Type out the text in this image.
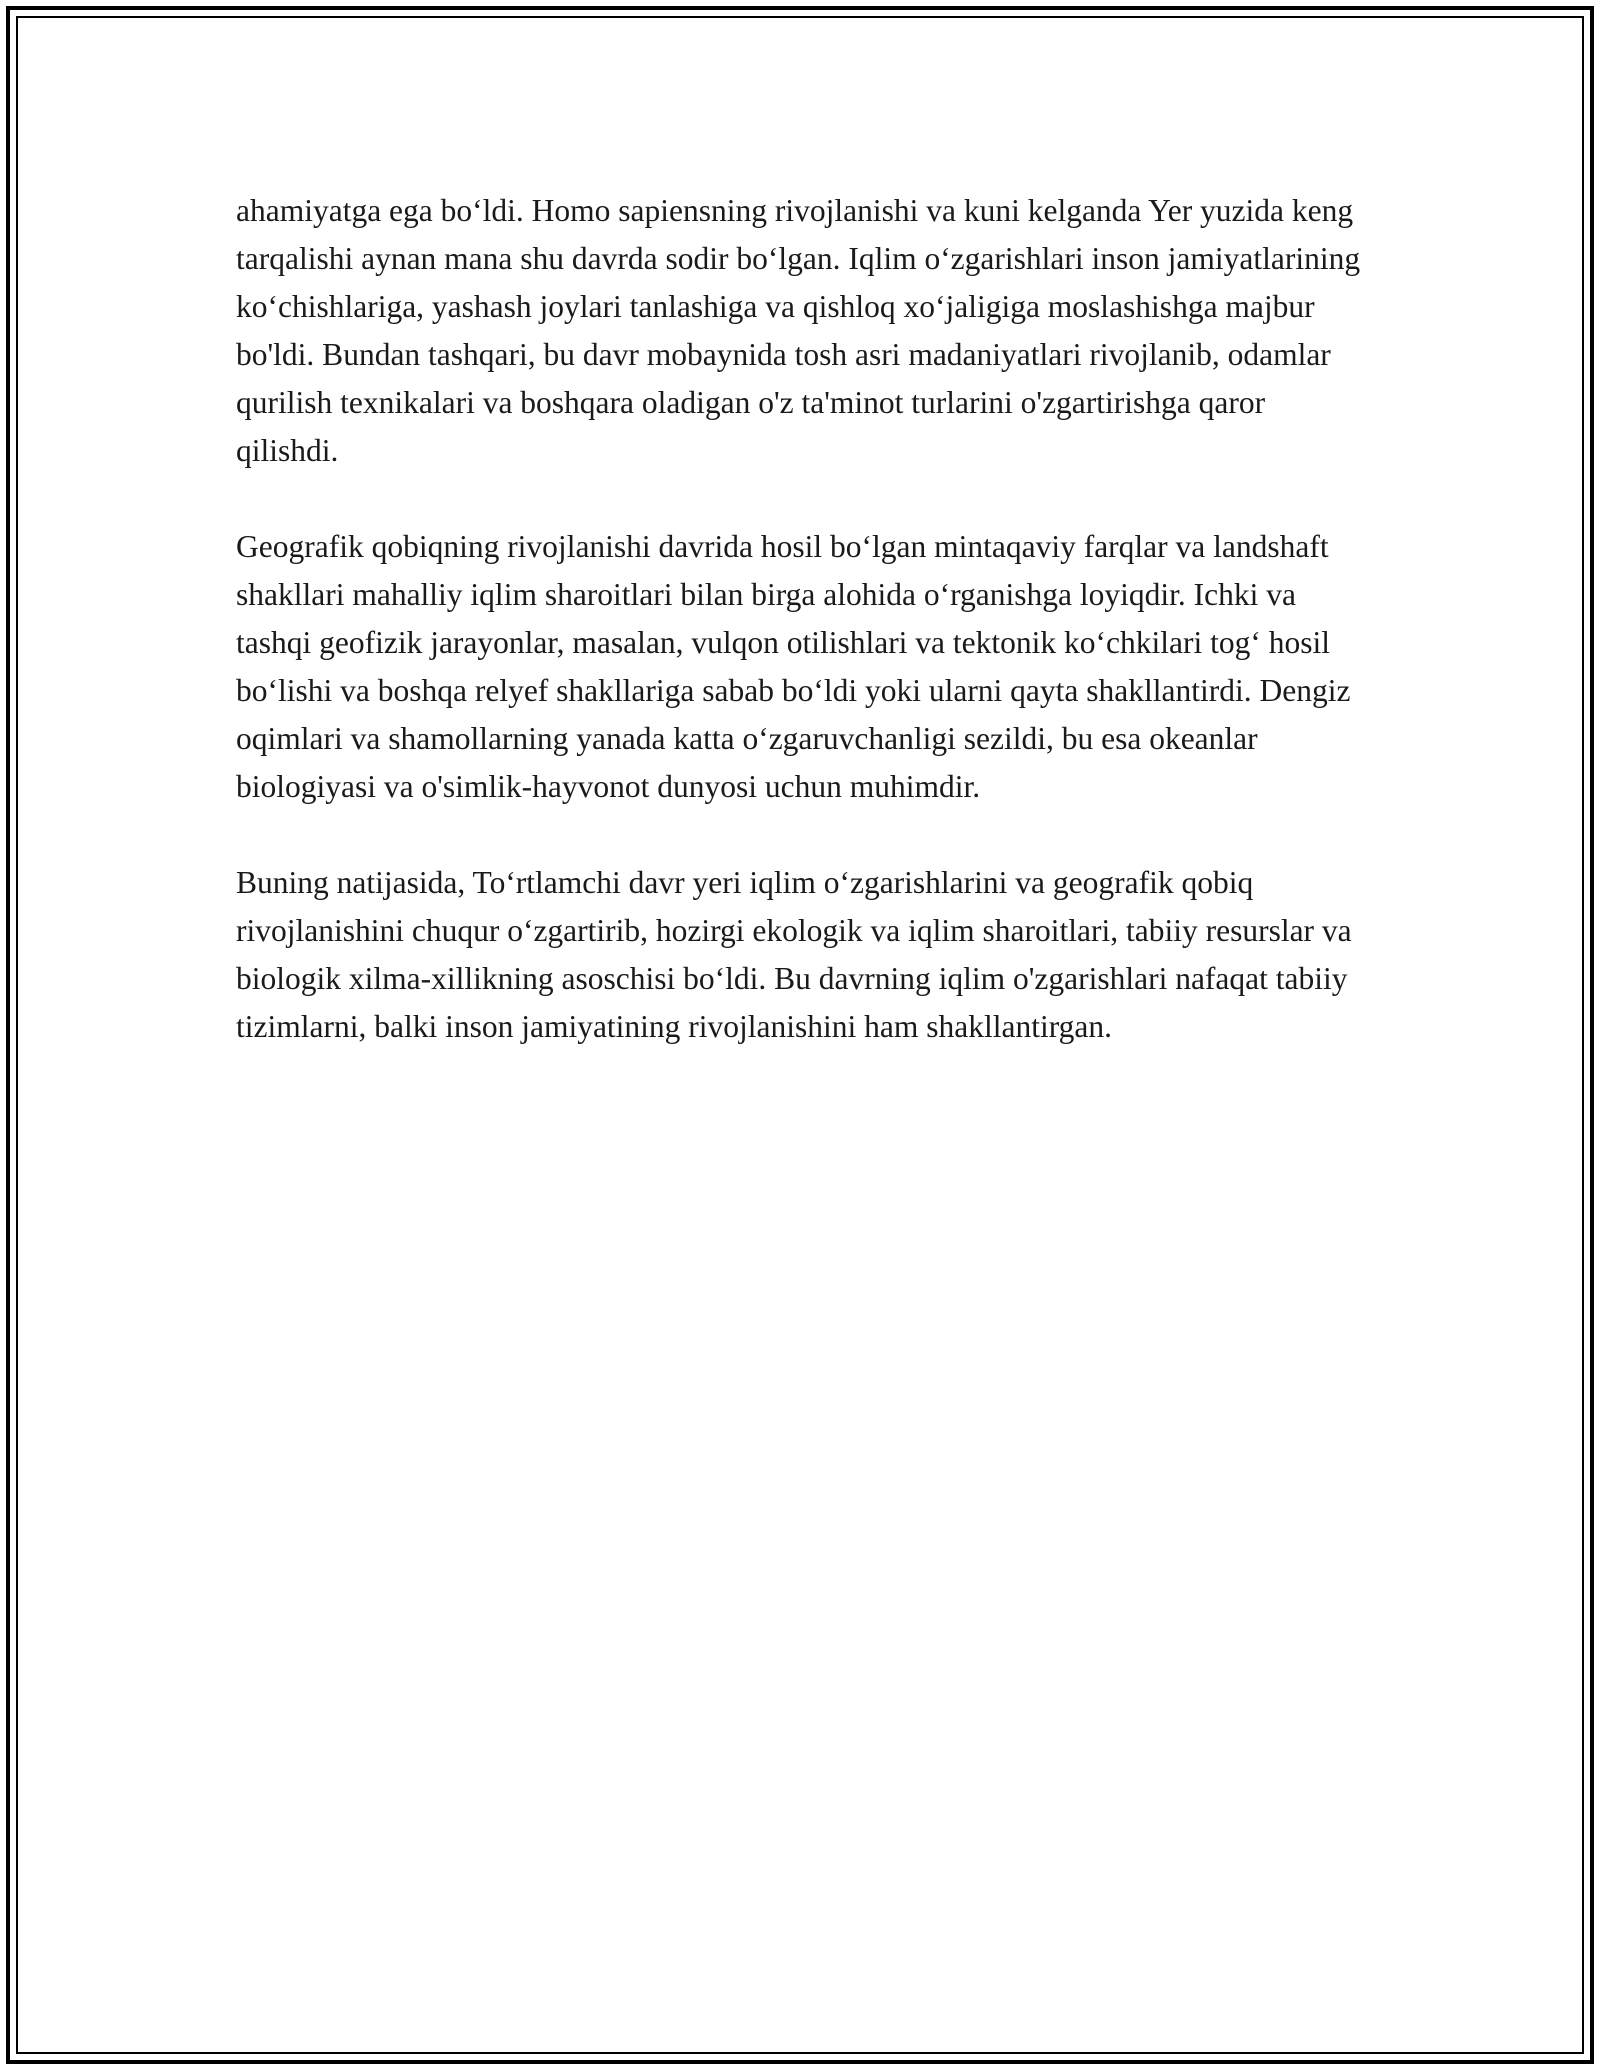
ahamiyatga ega bo‘ldi. Homo sapiensning rivojlanishi va kuni kelganda Yer yuzida keng tarqalishi aynan mana shu davrda sodir bo‘lgan. Iqlim o‘zgarishlari inson jamiyatlarining ko‘chishlariga, yashash joylari tanlashiga va qishloq xo‘jaligiga moslashishga majbur bo'ldi. Bundan tashqari, bu davr mobaynida tosh asri madaniyatlari rivojlanib, odamlar qurilish texnikalari va boshqara oladigan o'z ta'minot turlarini o'zgartirishga qaror qilishdi.

Geografik qobiqning rivojlanishi davrida hosil bo‘lgan mintaqaviy farqlar va landshaft shakllari mahalliy iqlim sharoitlari bilan birga alohida o‘rganishga loyiqdir. Ichki va tashqi geofizik jarayonlar, masalan, vulqon otilishlari va tektonik ko‘chkilari tog‘ hosil bo‘lishi va boshqa relyef shakllariga sabab bo‘ldi yoki ularni qayta shakllantirdi. Dengiz oqimlari va shamollarning yanada katta o‘zgaruvchanligi sezildi, bu esa okeanlar biologiyasi va o'simlik-hayvonot dunyosi uchun muhimdir.

Buning natijasida, To‘rtlamchi davr yeri iqlim o‘zgarishlarini va geografik qobiq rivojlanishini chuqur o‘zgartirib, hozirgi ekologik va iqlim sharoitlari, tabiiy resurslar va biologik xilma-xillikning asoschisi bo‘ldi. Bu davrning iqlim o'zgarishlari nafaqat tabiiy tizimlarni, balki inson jamiyatining rivojlanishini ham shakllantirgan.
